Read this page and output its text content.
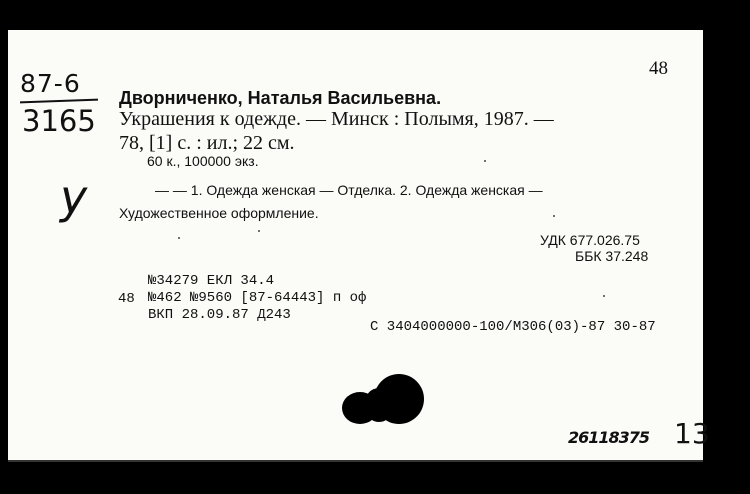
48
87-6
3165
y
Дворниченко, Наталья Васильевна.
Украшения к одежде. — Минск : Полымя, 1987. —
78, [1] с. : ил.; 22 см.
60 к., 100000 экз.
— — 1. Одежда женская — Отделка. 2. Одежда женская —
Художественное оформление.
УДК 677.026.75
ББК 37.248
№34279 ЕКЛ 34.4
48 №462 №9560 [87-64443] п оф
ВКП 28.09.87 Д243
С 3404000000-100/М306(03)-87 30-87
26118375 13
